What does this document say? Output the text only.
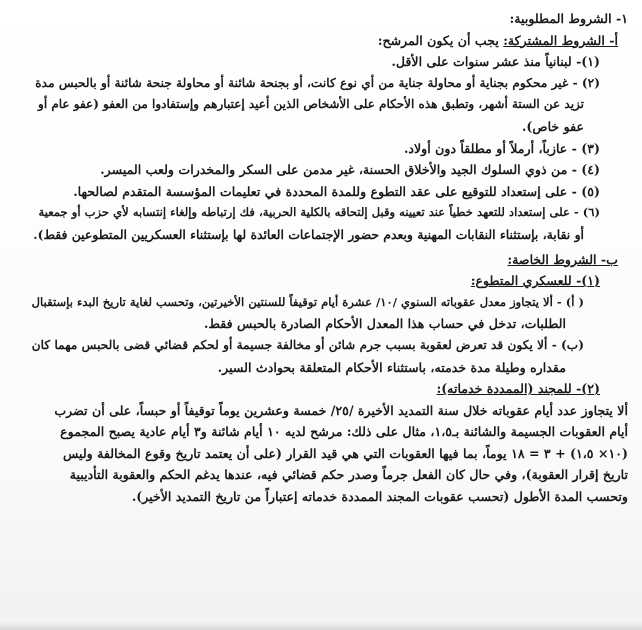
١- الشروط المطلوبية:
أ- الشروط المشتركة: يجب أن يكون المرشح:
(١)- لبنانياً منذ عشر سنوات على الأقل.
(٢) - غير محكوم بجناية أو محاولة جناية من أي نوع كانت، أو بجنحة شائنة أو محاولة جنحة شائنة أو بالحبس مدة
تزيد عن الستة أشهر، وتطبق هذه الأحكام على الأشخاص الذين أعيد إعتبارهم وإستفادوا من العفو (عفو عام أو
عفو خاص).
(٣) - عازباً، أرملاً أو مطلقاً دون أولاد.
(٤) - من ذوي السلوك الجيد والأخلاق الحسنة، غير مدمن على السكر والمخدرات ولعب الميسر.
(٥) - على إستعداد للتوقيع على عقد التطوع وللمدة المحددة في تعليمات المؤسسة المتقدم لصالحها.
(٦) - على إستعداد للتعهد خطياً عند تعيينه وقبل إلتحاقه بالكلية الحربية، فك إرتباطه وإلغاء إنتسابه لأي حزب أو جمعية
أو نقابة، بإستثناء النقابات المهنية وبعدم حضور الإجتماعات العائدة لها بإستثناء العسكريين المتطوعين فقط).
ب- الشروط الخاصة:
(١)- للعسكري المتطوع:
( أ) - ألا يتجاوز معدل عقوباته السنوي /١٠/ عشرة أيام توقيفاً للسنتين الأخيرتين، وتحسب لغاية تاريخ البدء بإستقبال
الطلبات، تدخل في حساب هذا المعدل الأحكام الصادرة بالحبس فقط.
(ب) - ألا يكون قد تعرض لعقوبة بسبب جرم شائن أو مخالفة جسيمة أو لحكم قضائي قضى بالحبس مهما كان
مقداره وطيلة مدة خدمته، باستثناء الأحكام المتعلقة بحوادث السير.
(٢)- للمجند (الممددة خدماته):
ألا يتجاوز عدد أيام عقوباته خلال سنة التمديد الأخيرة /٢٥/ خمسة وعشرين يوماً توقيفاً أو حبساً، على أن تضرب
أيام العقوبات الجسيمة والشائنة بـ١،٥، مثال على ذلك: مرشح لديه ١٠ أيام شائنة و٣ أيام عادية يصبح المجموع
(١٠× ١،٥) + ٣ = ١٨ يوماً، بما فيها العقوبات التي هي قيد القرار (على أن يعتمد تاريخ وقوع المخالفة وليس
تاريخ إقرار العقوبة)، وفي حال كان الفعل جرماً وصدر حكم قضائي فيه، عندها يدغم الحكم والعقوبة التأديبية
وتحسب المدة الأطول (تحسب عقوبات المجند الممددة خدماته إعتباراً من تاريخ التمديد الأخير).
